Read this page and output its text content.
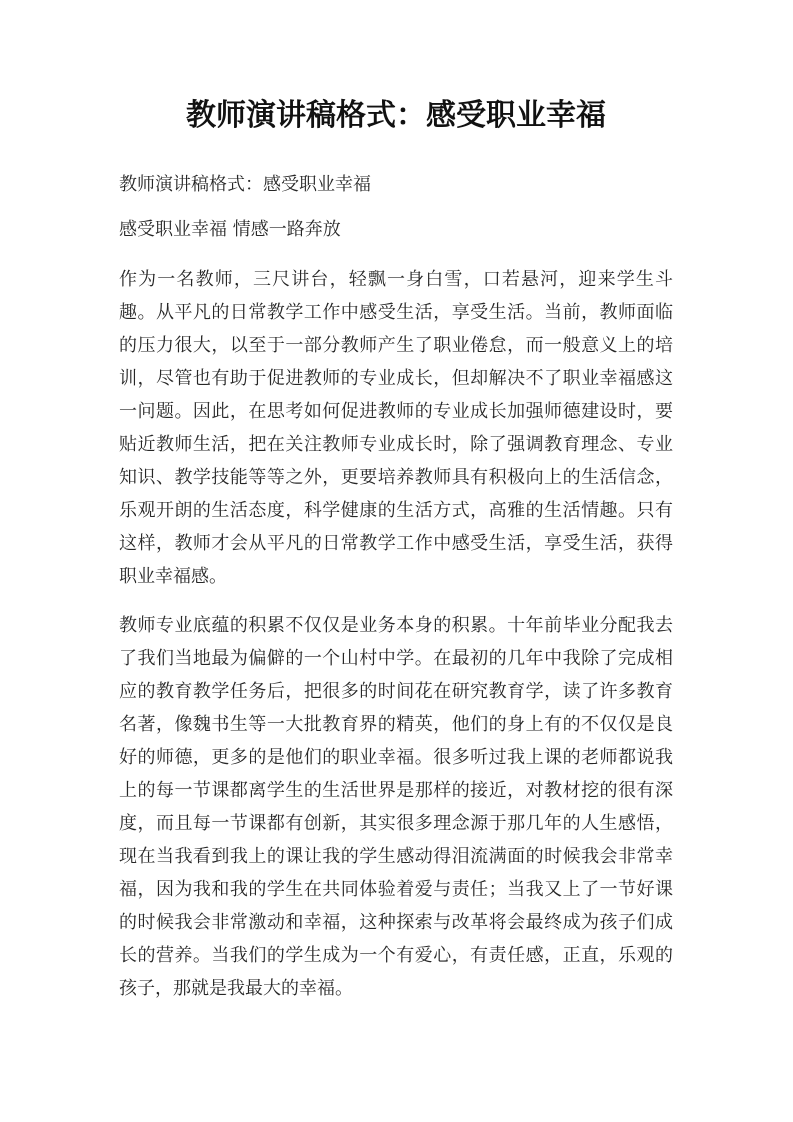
教师演讲稿格式：感受职业幸福

教师演讲稿格式：感受职业幸福

感受职业幸福 情感一路奔放

作为一名教师，三尺讲台，轻飘一身白雪，口若悬河，迎来学生斗趣。从平凡的日常教学工作中感受生活，享受生活。当前，教师面临的压力很大，以至于一部分教师产生了职业倦怠，而一般意义上的培训，尽管也有助于促进教师的专业成长，但却解决不了职业幸福感这一问题。因此，在思考如何促进教师的专业成长加强师德建设时，要贴近教师生活，把在关注教师专业成长时，除了强调教育理念、专业知识、教学技能等等之外，更要培养教师具有积极向上的生活信念，乐观开朗的生活态度，科学健康的生活方式，高雅的生活情趣。只有这样，教师才会从平凡的日常教学工作中感受生活，享受生活，获得职业幸福感。

教师专业底蕴的积累不仅仅是业务本身的积累。十年前毕业分配我去了我们当地最为偏僻的一个山村中学。在最初的几年中我除了完成相应的教育教学任务后，把很多的时间花在研究教育学，读了许多教育名著，像魏书生等一大批教育界的精英，他们的身上有的不仅仅是良好的师德，更多的是他们的职业幸福。很多听过我上课的老师都说我上的每一节课都离学生的生活世界是那样的接近，对教材挖的很有深度，而且每一节课都有创新，其实很多理念源于那几年的人生感悟，现在当我看到我上的课让我的学生感动得泪流满面的时候我会非常幸福，因为我和我的学生在共同体验着爱与责任；当我又上了一节好课的时候我会非常激动和幸福，这种探索与改革将会最终成为孩子们成长的营养。当我们的学生成为一个有爱心，有责任感，正直，乐观的孩子，那就是我最大的幸福。
